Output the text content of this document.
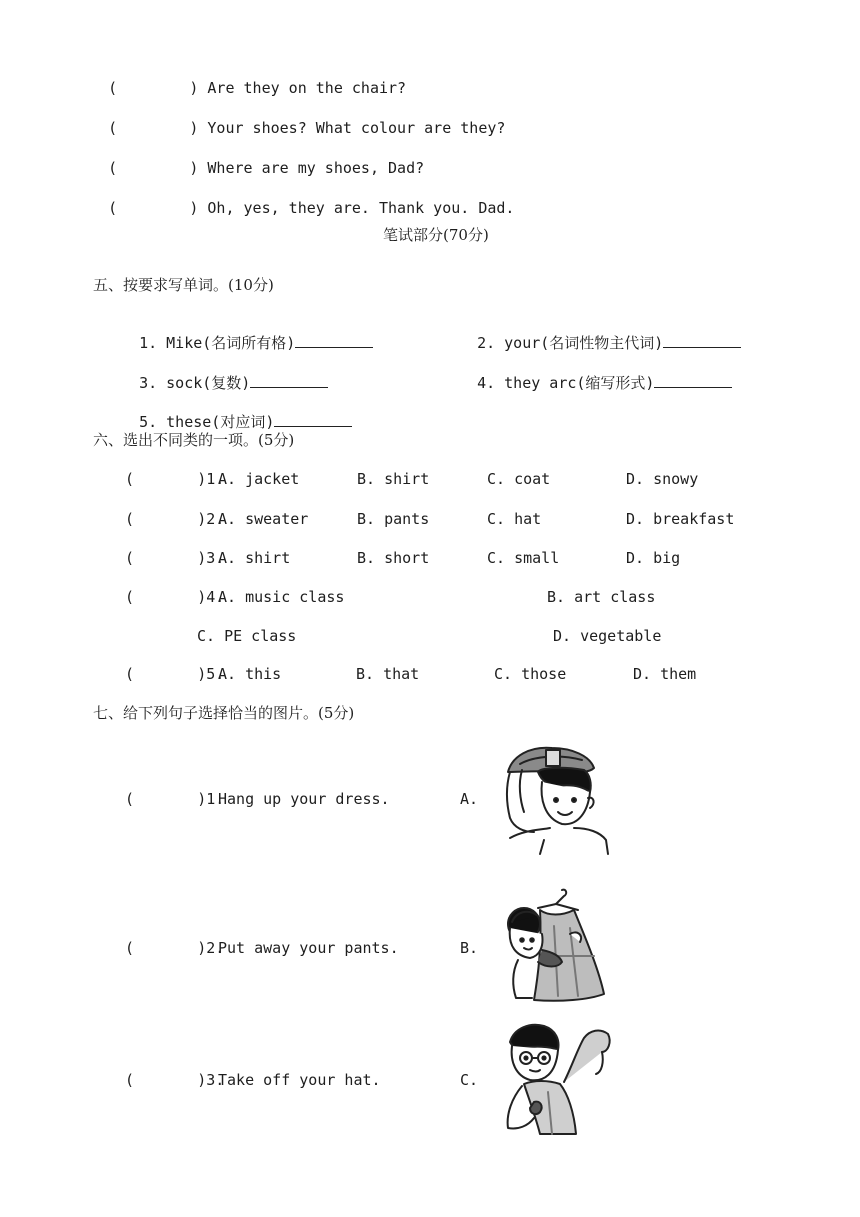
(        ) Are they on the chair?

(        ) Your shoes? What colour are they?

(        ) Where are my shoes, Dad?

(        ) Oh, yes, they are. Thank you. Dad.

笔试部分(70分)
五、按要求写单词。(10分)

1. Mike(名词所有格)	2. your(名词性物主代词)

3. sock(复数)	4. they arc(缩写形式)

5. these(对应词)

六、选出不同类的一项。(5分)
(       )1.
A. jacket	B. shirt	C. coat	D. snowy
(       )2.
A. sweater	B. pants	C. hat	D. breakfast
(       )3.
A. shirt	B. short	C. small	D. big
(       )4.
A. music class	B. art class
C. PE class	D. vegetable
(       )5.
A. this	B. that	C. those	D. them
七、给下列句子选择恰当的图片。(5分)
(       )1.
Hang up your dress.	A.
(       )2.
Put away your pants.	B.
(       )3.
Take off your hat.	C.
